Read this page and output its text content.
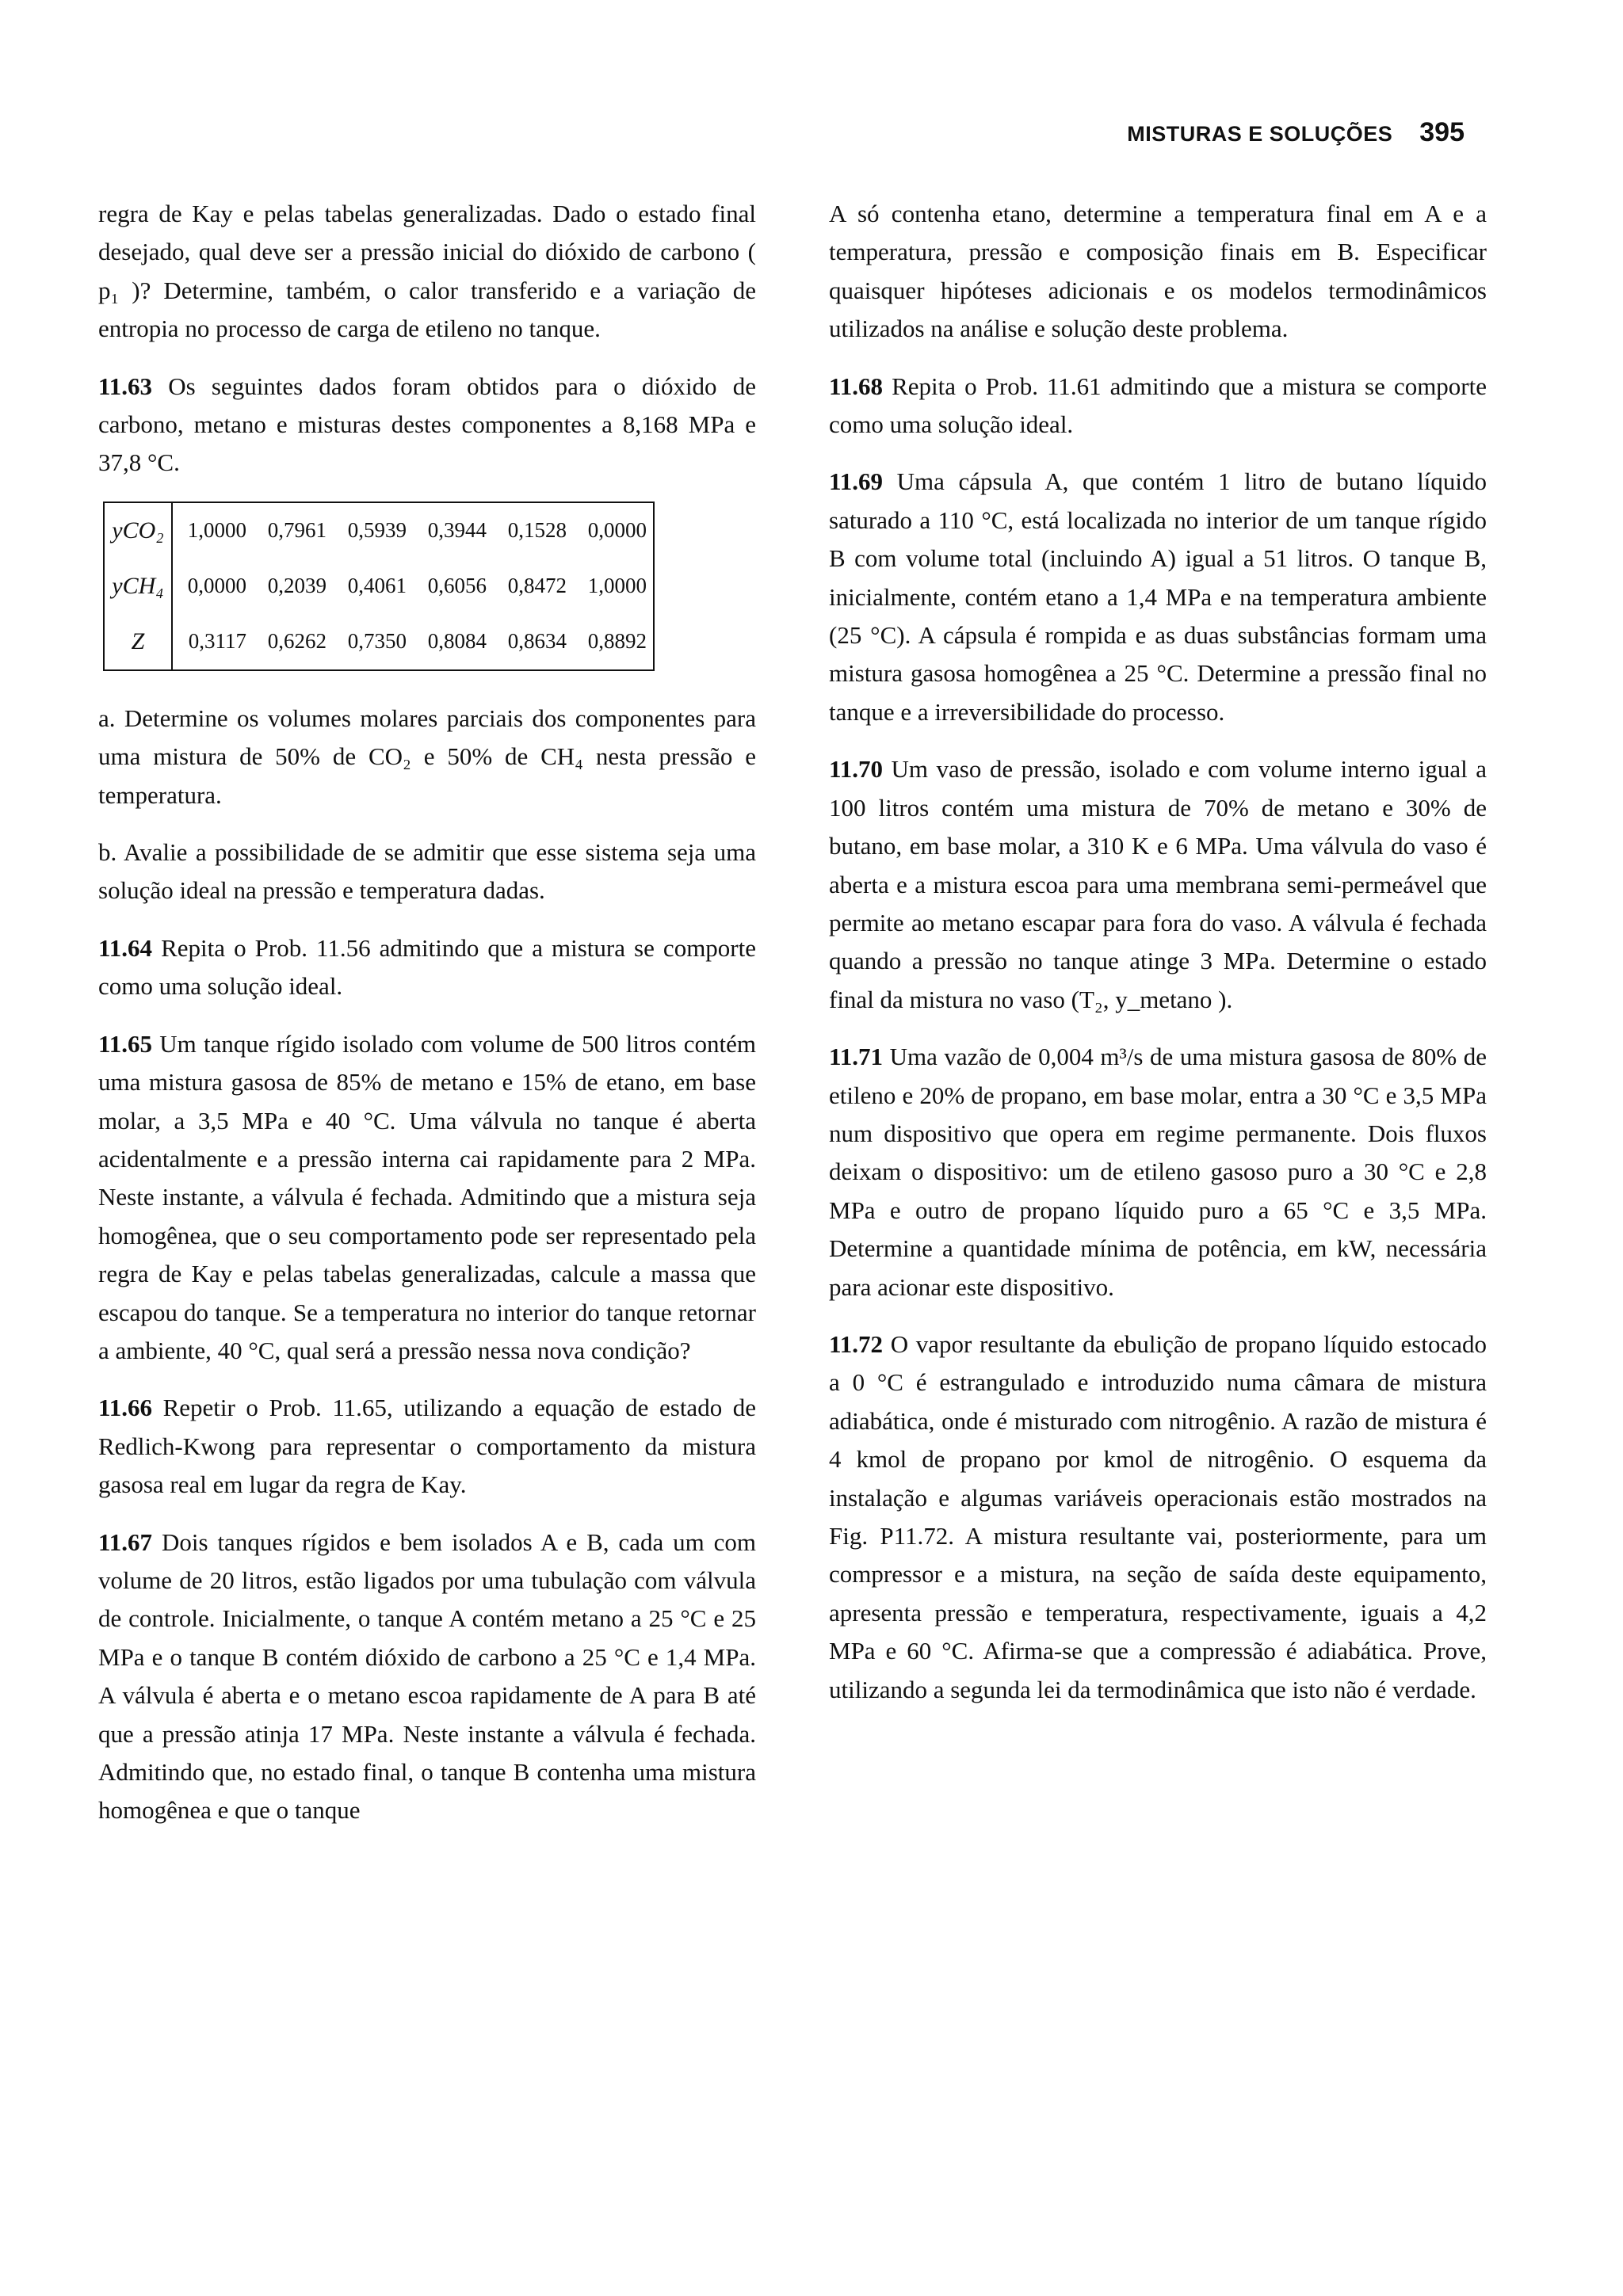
MISTURAS E SOLUÇÕES 395

regra de Kay e pelas tabelas generalizadas. Dado o estado final desejado, qual deve ser a pressão inicial do dióxido de carbono ( p₁ )? Determine, também, o calor transferido e a variação de entropia no processo de carga de etileno no tanque.

11.63 Os seguintes dados foram obtidos para o dióxido de carbono, metano e misturas destes componentes a 8,168 MPa e 37,8 °C.

yCO₂	1,0000	0,7961	0,5939	0,3944	0,1528	0,0000
yCH₄	0,0000	0,2039	0,4061	0,6056	0,8472	1,0000
Z	0,3117	0,6262	0,7350	0,8084	0,8634	0,8892

a. Determine os volumes molares parciais dos componentes para uma mistura de 50% de CO₂ e 50% de CH₄ nesta pressão e temperatura.

b. Avalie a possibilidade de se admitir que esse sistema seja uma solução ideal na pressão e temperatura dadas.

11.64 Repita o Prob. 11.56 admitindo que a mistura se comporte como uma solução ideal.

11.65 Um tanque rígido isolado com volume de 500 litros contém uma mistura gasosa de 85% de metano e 15% de etano, em base molar, a 3,5 MPa e 40 °C. Uma válvula no tanque é aberta acidentalmente e a pressão interna cai rapidamente para 2 MPa. Neste instante, a válvula é fechada. Admitindo que a mistura seja homogênea, que o seu comportamento pode ser representado pela regra de Kay e pelas tabelas generalizadas, calcule a massa que escapou do tanque. Se a temperatura no interior do tanque retornar a ambiente, 40 °C, qual será a pressão nessa nova condição?

11.66 Repetir o Prob. 11.65, utilizando a equação de estado de Redlich-Kwong para representar o comportamento da mistura gasosa real em lugar da regra de Kay.

11.67 Dois tanques rígidos e bem isolados A e B, cada um com volume de 20 litros, estão ligados por uma tubulação com válvula de controle. Inicialmente, o tanque A contém metano a 25 °C e 25 MPa e o tanque B contém dióxido de carbono a 25 °C e 1,4 MPa. A válvula é aberta e o metano escoa rapidamente de A para B até que a pressão atinja 17 MPa. Neste instante a válvula é fechada. Admitindo que, no estado final, o tanque B contenha uma mistura homogênea e que o tanque

A só contenha etano, determine a temperatura final em A e a temperatura, pressão e composição finais em B. Especificar quaisquer hipóteses adicionais e os modelos termodinâmicos utilizados na análise e solução deste problema.

11.68 Repita o Prob. 11.61 admitindo que a mistura se comporte como uma solução ideal.

11.69 Uma cápsula A, que contém 1 litro de butano líquido saturado a 110 °C, está localizada no interior de um tanque rígido B com volume total (incluindo A) igual a 51 litros. O tanque B, inicialmente, contém etano a 1,4 MPa e na temperatura ambiente (25 °C). A cápsula é rompida e as duas substâncias formam uma mistura gasosa homogênea a 25 °C. Determine a pressão final no tanque e a irreversibilidade do processo.

11.70 Um vaso de pressão, isolado e com volume interno igual a 100 litros contém uma mistura de 70% de metano e 30% de butano, em base molar, a 310 K e 6 MPa. Uma válvula do vaso é aberta e a mistura escoa para uma membrana semi-permeável que permite ao metano escapar para fora do vaso. A válvula é fechada quando a pressão no tanque atinge 3 MPa. Determine o estado final da mistura no vaso (T₂, y_metano ).

11.71 Uma vazão de 0,004 m³/s de uma mistura gasosa de 80% de etileno e 20% de propano, em base molar, entra a 30 °C e 3,5 MPa num dispositivo que opera em regime permanente. Dois fluxos deixam o dispositivo: um de etileno gasoso puro a 30 °C e 2,8 MPa e outro de propano líquido puro a 65 °C e 3,5 MPa. Determine a quantidade mínima de potência, em kW, necessária para acionar este dispositivo.

11.72 O vapor resultante da ebulição de propano líquido estocado a 0 °C é estrangulado e introduzido numa câmara de mistura adiabática, onde é misturado com nitrogênio. A razão de mistura é 4 kmol de propano por kmol de nitrogênio. O esquema da instalação e algumas variáveis operacionais estão mostrados na Fig. P11.72. A mistura resultante vai, posteriormente, para um compressor e a mistura, na seção de saída deste equipamento, apresenta pressão e temperatura, respectivamente, iguais a 4,2 MPa e 60 °C. Afirma-se que a compressão é adiabática. Prove, utilizando a segunda lei da termodinâmica que isto não é verdade.
